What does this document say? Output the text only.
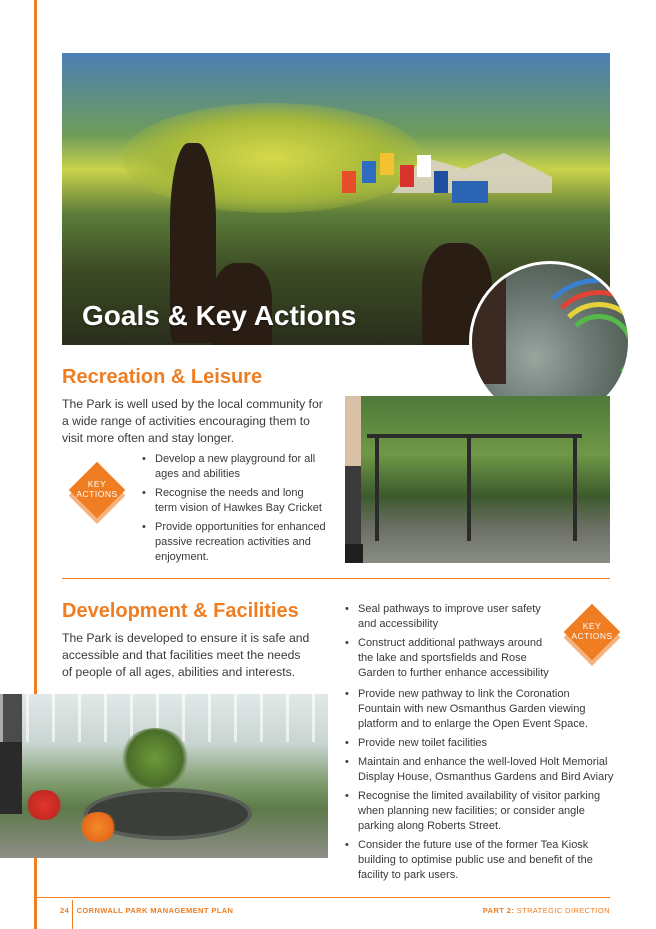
Goals & Key Actions
Recreation & Leisure
The Park is well used by the local community for a wide range of activities encouraging them to visit more often and stay longer.
KEY
ACTIONS
• Develop a new playground for all ages and abilities
• Recognise the needs and long term vision of Hawkes Bay Cricket
• Provide opportunities for enhanced passive recreation activities and enjoyment.
Development & Facilities
The Park is developed to ensure it is safe and accessible and that facilities meet the needs of people of all ages, abilities and interests.
KEY
ACTIONS
• Seal pathways to improve user safety and accessibility
• Construct additional pathways around the lake and sportsfields and Rose Garden to further enhance accessibility
• Provide new pathway to link the Coronation Fountain with new Osmanthus Garden viewing platform and to enlarge the Open Event Space.
• Provide new toilet facilities
• Maintain and enhance the well-loved Holt Memorial Display House, Osmanthus Gardens and Bird Aviary
• Recognise the limited availability of visitor parking when planning new facilities; or consider angle parking along Roberts Street.
• Consider the future use of the former Tea Kiosk building to optimise public use and benefit of the facility to park users.
24 CORNWALL PARK MANAGEMENT PLAN	PART 2: STRATEGIC DIRECTION
